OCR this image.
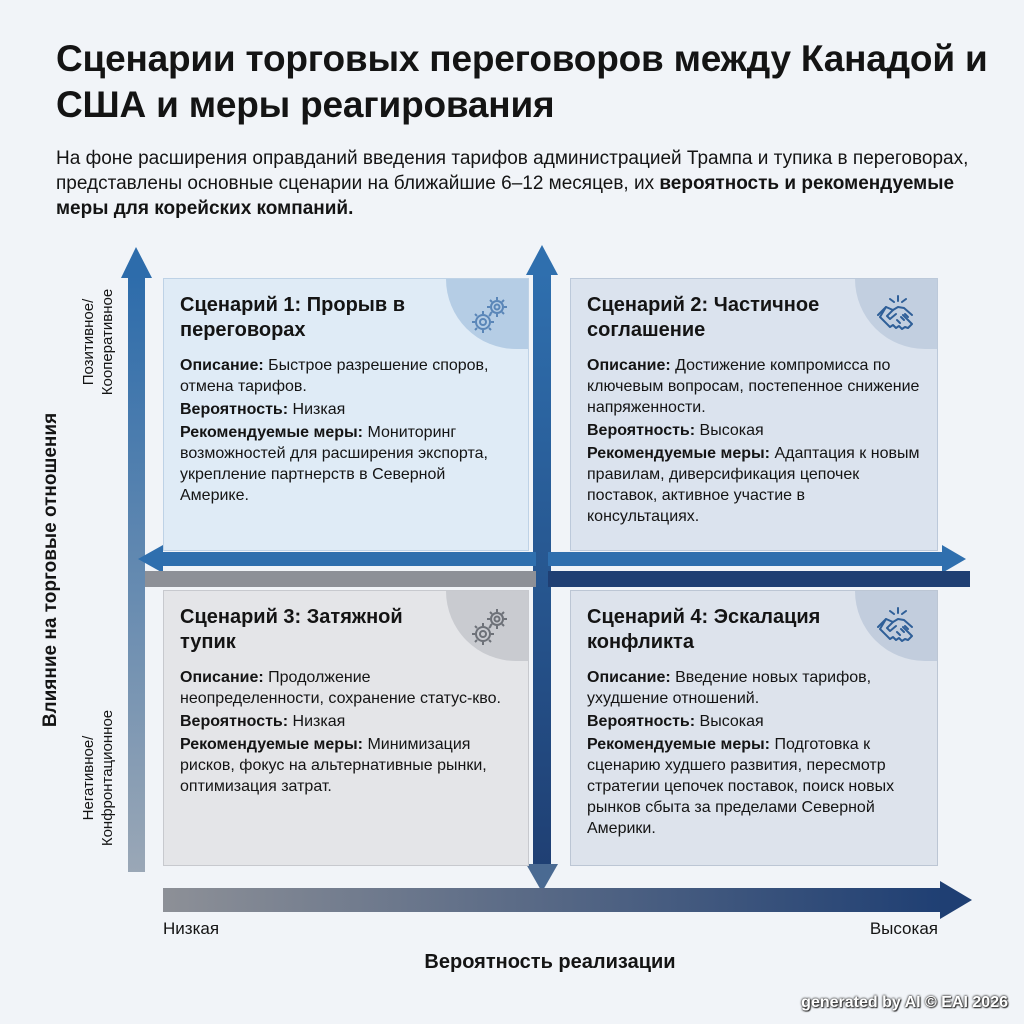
Сценарии торговых переговоров между Канадой и США и меры реагирования
На фоне расширения оправданий введения тарифов администрацией Трампа и тупика в переговорах, представлены основные сценарии на ближайшие 6–12 месяцев, их вероятность и рекомендуемые меры для корейских компаний.
Влияние на торговые отношения
Позитивное/ Кооперативное
Негативное/ Конфронтационное
Сценарий 1: Прорыв в переговорах

Описание: Быстрое разрешение споров, отмена тарифов.

Вероятность: Низкая

Рекомендуемые меры: Мониторинг возможностей для расширения экспорта, укрепление партнерств в Северной Америке.

Сценарий 2: Частичное соглашение

Описание: Достижение компромисса по ключевым вопросам, постепенное снижение напряженности.

Вероятность: Высокая

Рекомендуемые меры: Адаптация к новым правилам, диверсификация цепочек поставок, активное участие в консультациях.

Сценарий 3: Затяжной тупик

Описание: Продолжение неопределенности, сохранение статус-кво.

Вероятность: Низкая

Рекомендуемые меры: Минимизация рисков, фокус на альтернативные рынки, оптимизация затрат.

Сценарий 4: Эскалация конфликта

Описание: Введение новых тарифов, ухудшение отношений.

Вероятность: Высокая

Рекомендуемые меры: Подготовка к сценарию худшего развития, пересмотр стратегии цепочек поставок, поиск новых рынков сбыта за пределами Северной Америки.

Низкая	Высокая
Вероятность реализации
generated by AI © EAI 2026
